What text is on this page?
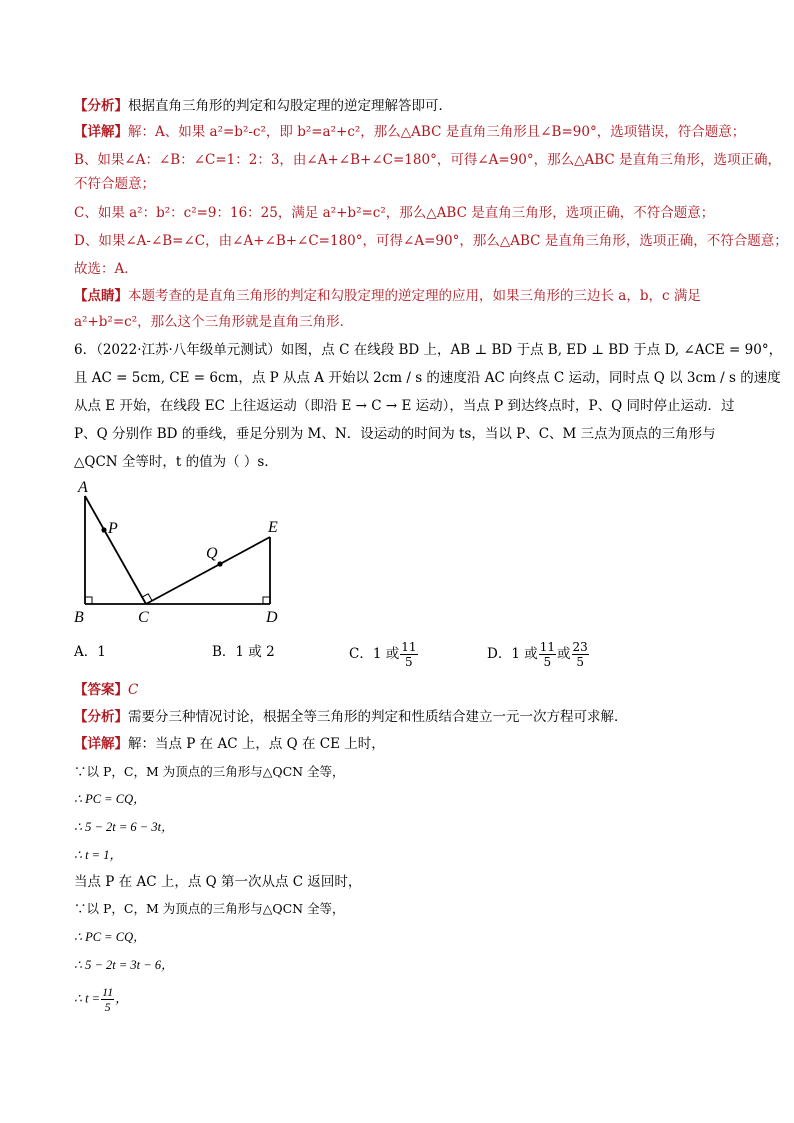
【分析】根据直角三角形的判定和勾股定理的逆定理解答即可．
【详解】解：A、如果 a²=b²-c²，即 b²=a²+c²，那么△ABC 是直角三角形且∠B=90°，选项错误，符合题意；
B、如果∠A：∠B：∠C=1：2：3，由∠A+∠B+∠C=180°，可得∠A=90°，那么△ABC 是直角三角形，选项正确，
不符合题意；
C、如果 a²：b²：c²=9：16：25，满足 a²+b²=c²，那么△ABC 是直角三角形，选项正确，不符合题意；
D、如果∠A-∠B=∠C，由∠A+∠B+∠C=180°，可得∠A=90°，那么△ABC 是直角三角形，选项正确，不符合题意；
故选：A．
【点睛】本题考查的是直角三角形的判定和勾股定理的逆定理的应用，如果三角形的三边长 a，b，c 满足
a²+b²=c²，那么这个三角形就是直角三角形．
6．（2022·江苏·八年级单元测试）如图，点 C 在线段 BD 上，AB ⊥ BD 于点 B, ED ⊥ BD 于点 D, ∠ACE = 90°，
且 AC = 5cm, CE = 6cm，点 P 从点 A 开始以 2cm / s 的速度沿 AC 向终点 C 运动，同时点 Q 以 3cm / s 的速度
从点 E 开始，在线段 EC 上往返运动（即沿 E → C → E 运动），当点 P 到达终点时，P、Q 同时停止运动．过
P、Q 分别作 BD 的垂线，垂足分别为 M、N．设运动的时间为 ts，当以 P、C、M 三点为顶点的三角形与
△QCN 全等时，t 的值为（ ）s．
A
P	E
Q
B	C	D
A．1	B．1 或 2	C．1 或 $\frac{11}{5}$	D．1 或 $\frac{11}{5}$ 或 $\frac{23}{5}$
【答案】C
【分析】需要分三种情况讨论，根据全等三角形的判定和性质结合建立一元一次方程可求解．
【详解】解：当点 P 在 AC 上，点 Q 在 CE 上时，
∵以 P，C，M 为顶点的三角形与△QCN 全等，
∴ PC = CQ，
∴ 5 − 2t = 6 − 3t，
∴ t = 1，
当点 P 在 AC 上，点 Q 第一次从点 C 返回时，
∵以 P，C，M 为顶点的三角形与△QCN 全等，
∴ PC = CQ，
∴ 5 − 2t = 3t − 6，
∴ $t = \frac{11}{5}$ ，
